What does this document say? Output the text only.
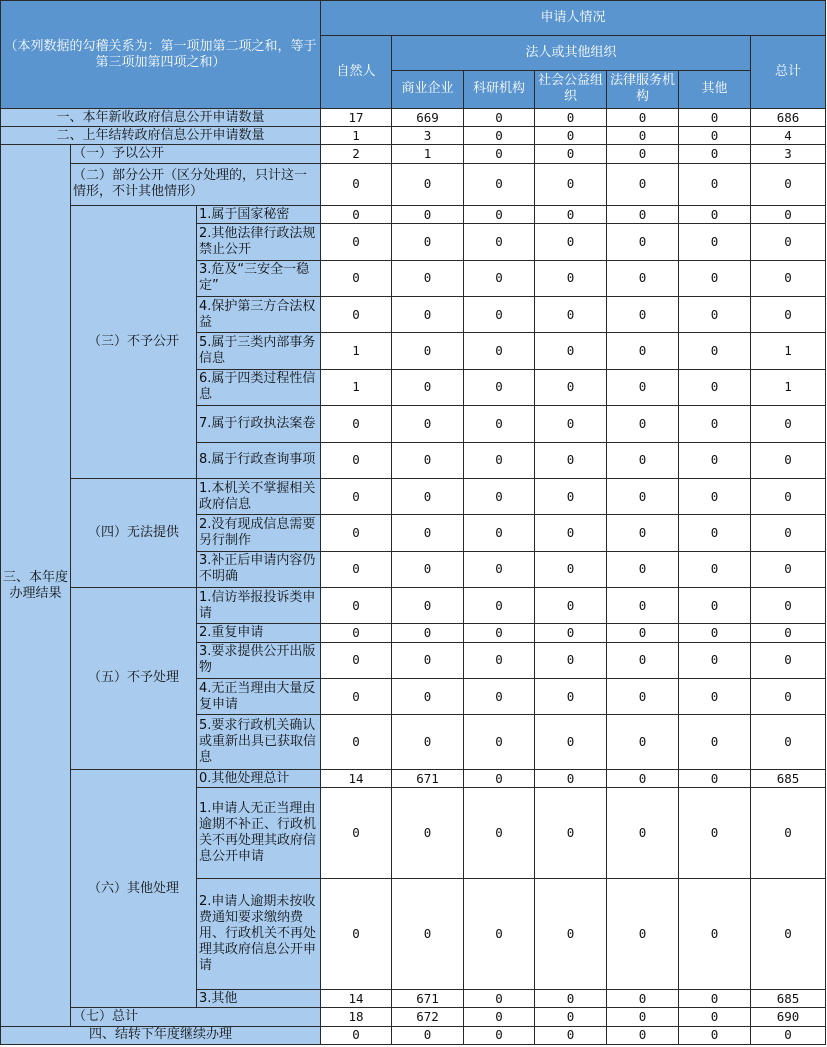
（本列数据的勾稽关系为：第一项加第二项之和，等于第三项加第四项之和）			申请人情况						
			自然人	法人或其他组织					总计
				商业企业	科研机构	社会公益组织	法律服务机构	其他	
一、本年新收政府信息公开申请数量			17	669	0	0	0	0	686
二、上年结转政府信息公开申请数量			1	3	0	0	0	0	4
三、本年度办理结果	（一）予以公开		2	1	0	0	0	0	3
	（二）部分公开（区分处理的，只计这一情形，不计其他情形）		0	0	0	0	0	0	0
	（三）不予公开	1.属于国家秘密	0	0	0	0	0	0	0
		2.其他法律行政法规禁止公开	0	0	0	0	0	0	0
		3.危及“三安全一稳定”	0	0	0	0	0	0	0
		4.保护第三方合法权益	0	0	0	0	0	0	0
		5.属于三类内部事务信息	1	0	0	0	0	0	1
		6.属于四类过程性信息	1	0	0	0	0	0	1
		7.属于行政执法案卷	0	0	0	0	0	0	0
		8.属于行政查询事项	0	0	0	0	0	0	0
	（四）无法提供	1.本机关不掌握相关政府信息	0	0	0	0	0	0	0
		2.没有现成信息需要另行制作	0	0	0	0	0	0	0
		3.补正后申请内容仍不明确	0	0	0	0	0	0	0
	（五）不予处理	1.信访举报投诉类申请	0	0	0	0	0	0	0
		2.重复申请	0	0	0	0	0	0	0
		3.要求提供公开出版物	0	0	0	0	0	0	0
		4.无正当理由大量反复申请	0	0	0	0	0	0	0
		5.要求行政机关确认或重新出具已获取信息	0	0	0	0	0	0	0
	（六）其他处理	0.其他处理总计	14	671	0	0	0	0	685
		1.申请人无正当理由逾期不补正、行政机关不再处理其政府信息公开申请	0	0	0	0	0	0	0
		2.申请人逾期未按收费通知要求缴纳费用、行政机关不再处理其政府信息公开申请	0	0	0	0	0	0	0
		3.其他	14	671	0	0	0	0	685
	（七）总计		18	672	0	0	0	0	690
四、结转下年度继续办理			0	0	0	0	0	0	0
